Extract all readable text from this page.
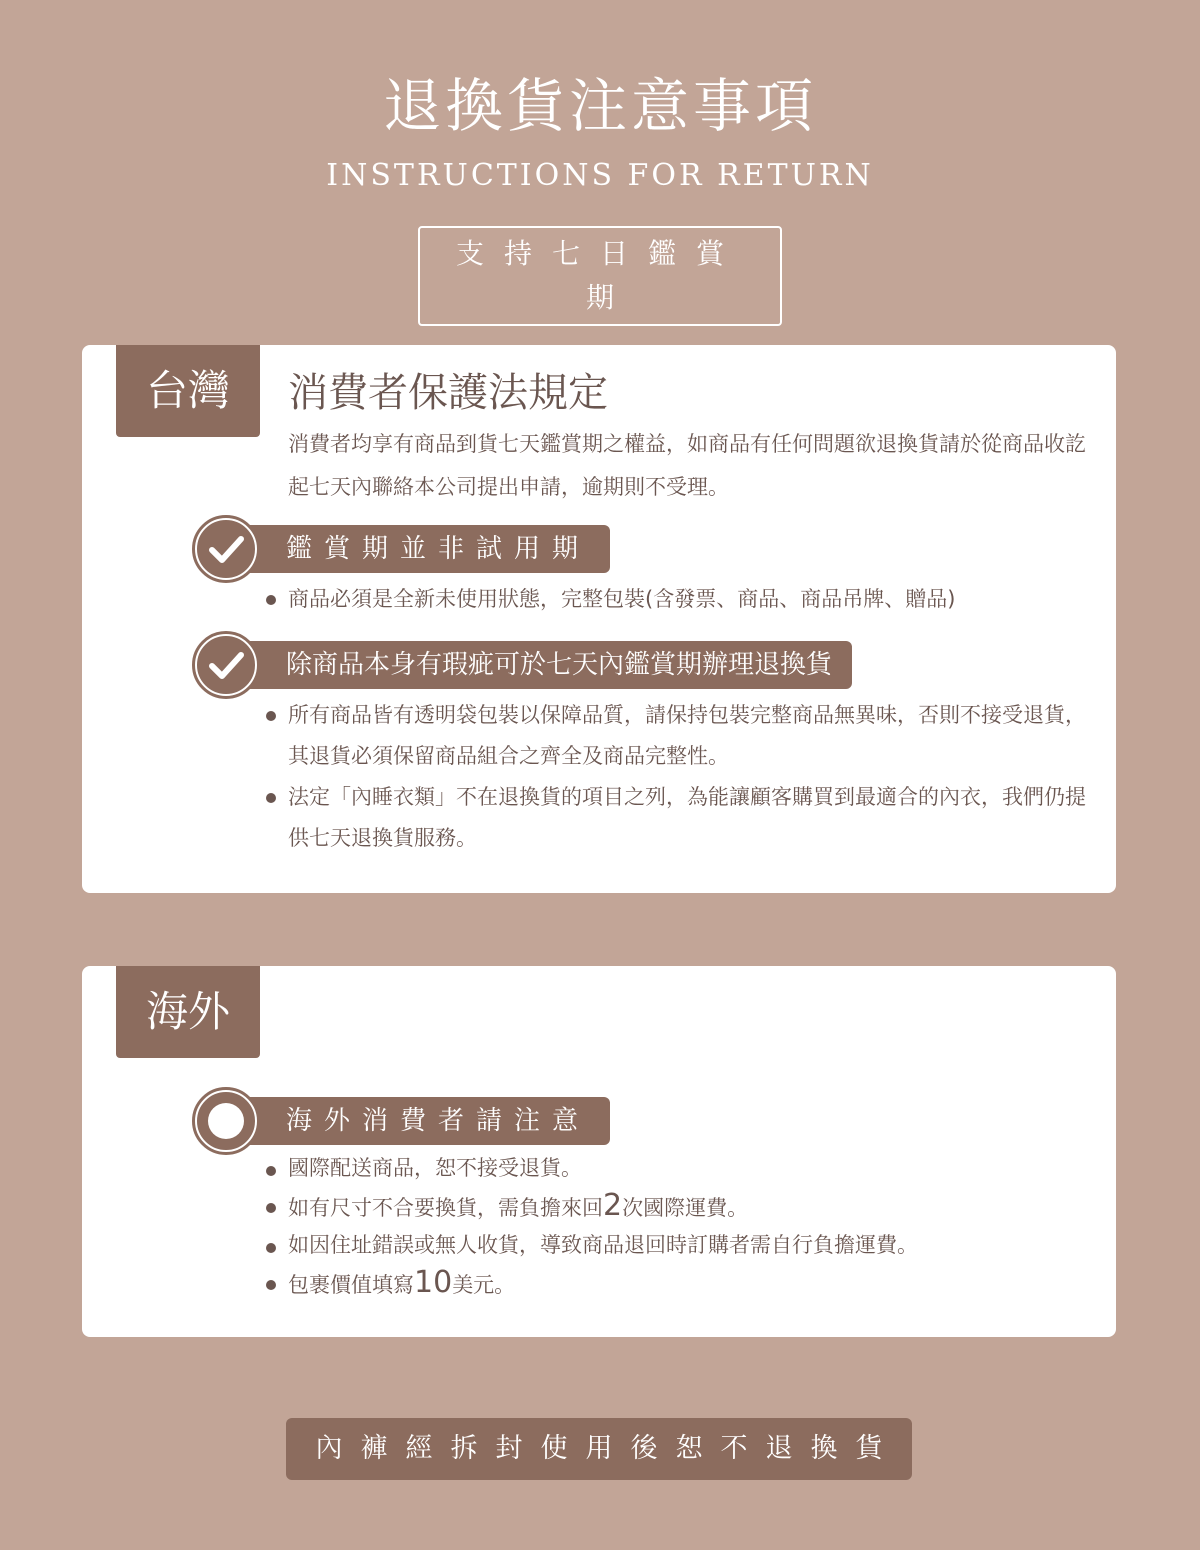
退換貨注意事項
INSTRUCTIONS FOR RETURN
支持七日鑑賞期
台灣	消費者保護法規定
消費者均享有商品到貨七天鑑賞期之權益，如商品有任何問題欲退換貨請於從商品收訖起七天內聯絡本公司提出申請，逾期則不受理。
鑑賞期並非試用期
商品必須是全新未使用狀態，完整包裝(含發票、商品、商品吊牌、贈品)
除商品本身有瑕疵可於七天內鑑賞期辦理退換貨
所有商品皆有透明袋包裝以保障品質，請保持包裝完整商品無異味，否則不接受退貨，其退貨必須保留商品組合之齊全及商品完整性。
法定「內睡衣類」不在退換貨的項目之列，為能讓顧客購買到最適合的內衣，我們仍提供七天退換貨服務。
海外
海外消費者請注意
國際配送商品，恕不接受退貨。
如有尺寸不合要換貨，需負擔來回2次國際運費。
如因住址錯誤或無人收貨，導致商品退回時訂購者需自行負擔運費。
包裹價值填寫10美元。
內褲經拆封使用後恕不退換貨
